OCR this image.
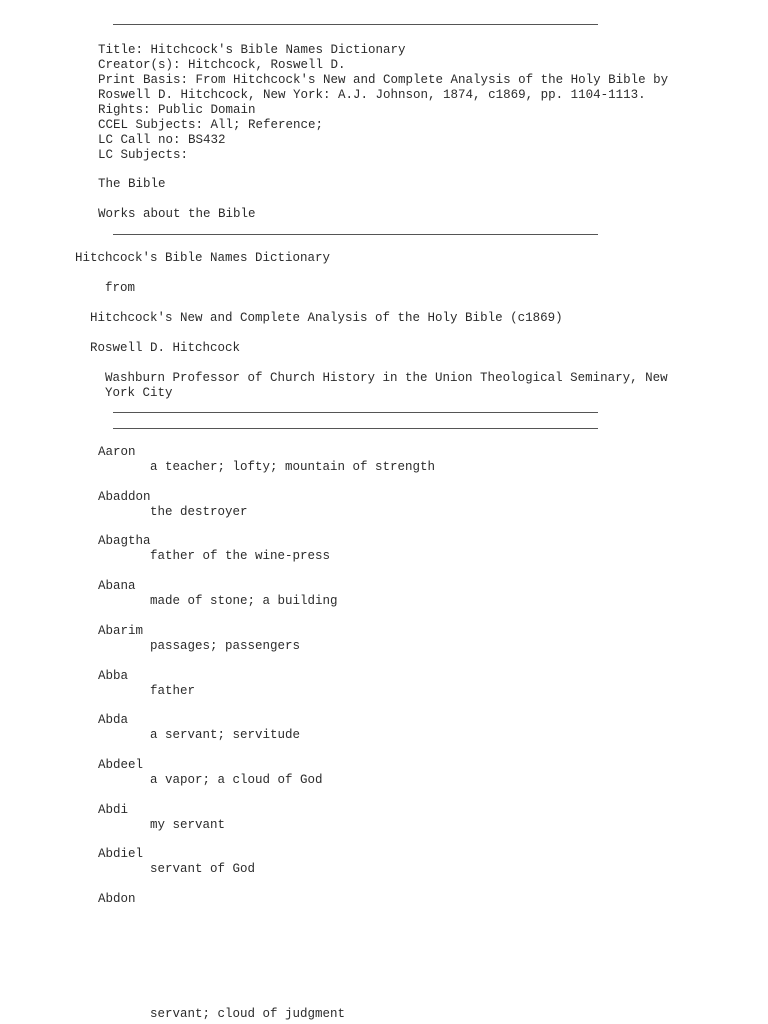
Title: Hitchcock's Bible Names Dictionary
Creator(s): Hitchcock, Roswell D.
Print Basis: From Hitchcock's New and Complete Analysis of the Holy Bible by
Roswell D. Hitchcock, New York: A.J. Johnson, 1874, c1869, pp. 1104-1113.
Rights: Public Domain
CCEL Subjects: All; Reference;
LC Call no: BS432
LC Subjects:
The Bible
Works about the Bible
Hitchcock's Bible Names Dictionary
from
Hitchcock's New and Complete Analysis of the Holy Bible (c1869)
Roswell D. Hitchcock
Washburn Professor of Church History in the Union Theological Seminary, New
York City
Aaron
a teacher; lofty; mountain of strength
Abaddon
the destroyer
Abagtha
father of the wine-press
Abana
made of stone; a building
Abarim
passages; passengers
Abba
father
Abda
a servant; servitude
Abdeel
a vapor; a cloud of God
Abdi
my servant
Abdiel
servant of God
Abdon
servant; cloud of judgment
